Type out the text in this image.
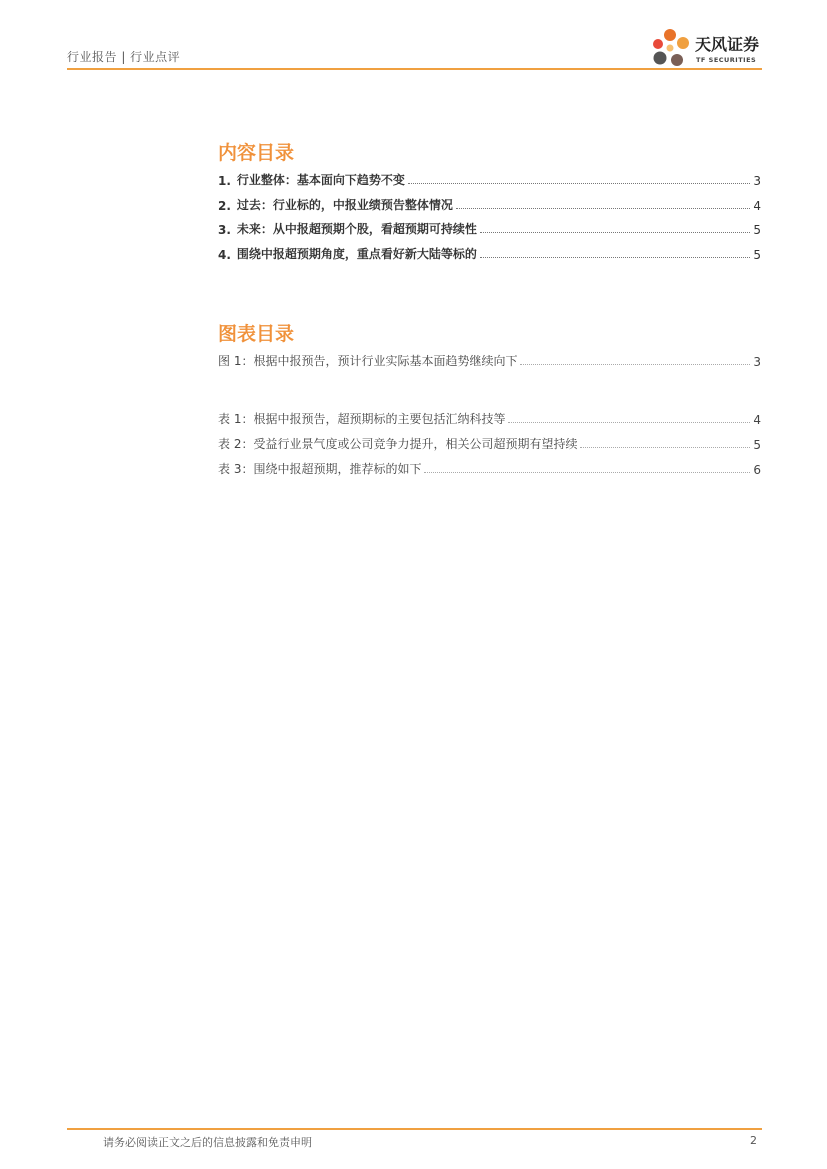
行业报告 | 行业点评
天风证券
TF SECURITIES
内容目录
1. 行业整体：基本面向下趋势不变	3
2. 过去：行业标的，中报业绩预告整体情况	4
3. 未来：从中报超预期个股，看超预期可持续性	5
4. 围绕中报超预期角度，重点看好新大陆等标的	5
图表目录
图 1： 根据中报预告，预计行业实际基本面趋势继续向下	3
表 1： 根据中报预告，超预期标的主要包括汇纳科技等	4
表 2： 受益行业景气度或公司竞争力提升，相关公司超预期有望持续	5
表 3： 围绕中报超预期，推荐标的如下	6
请务必阅读正文之后的信息披露和免责申明	2
